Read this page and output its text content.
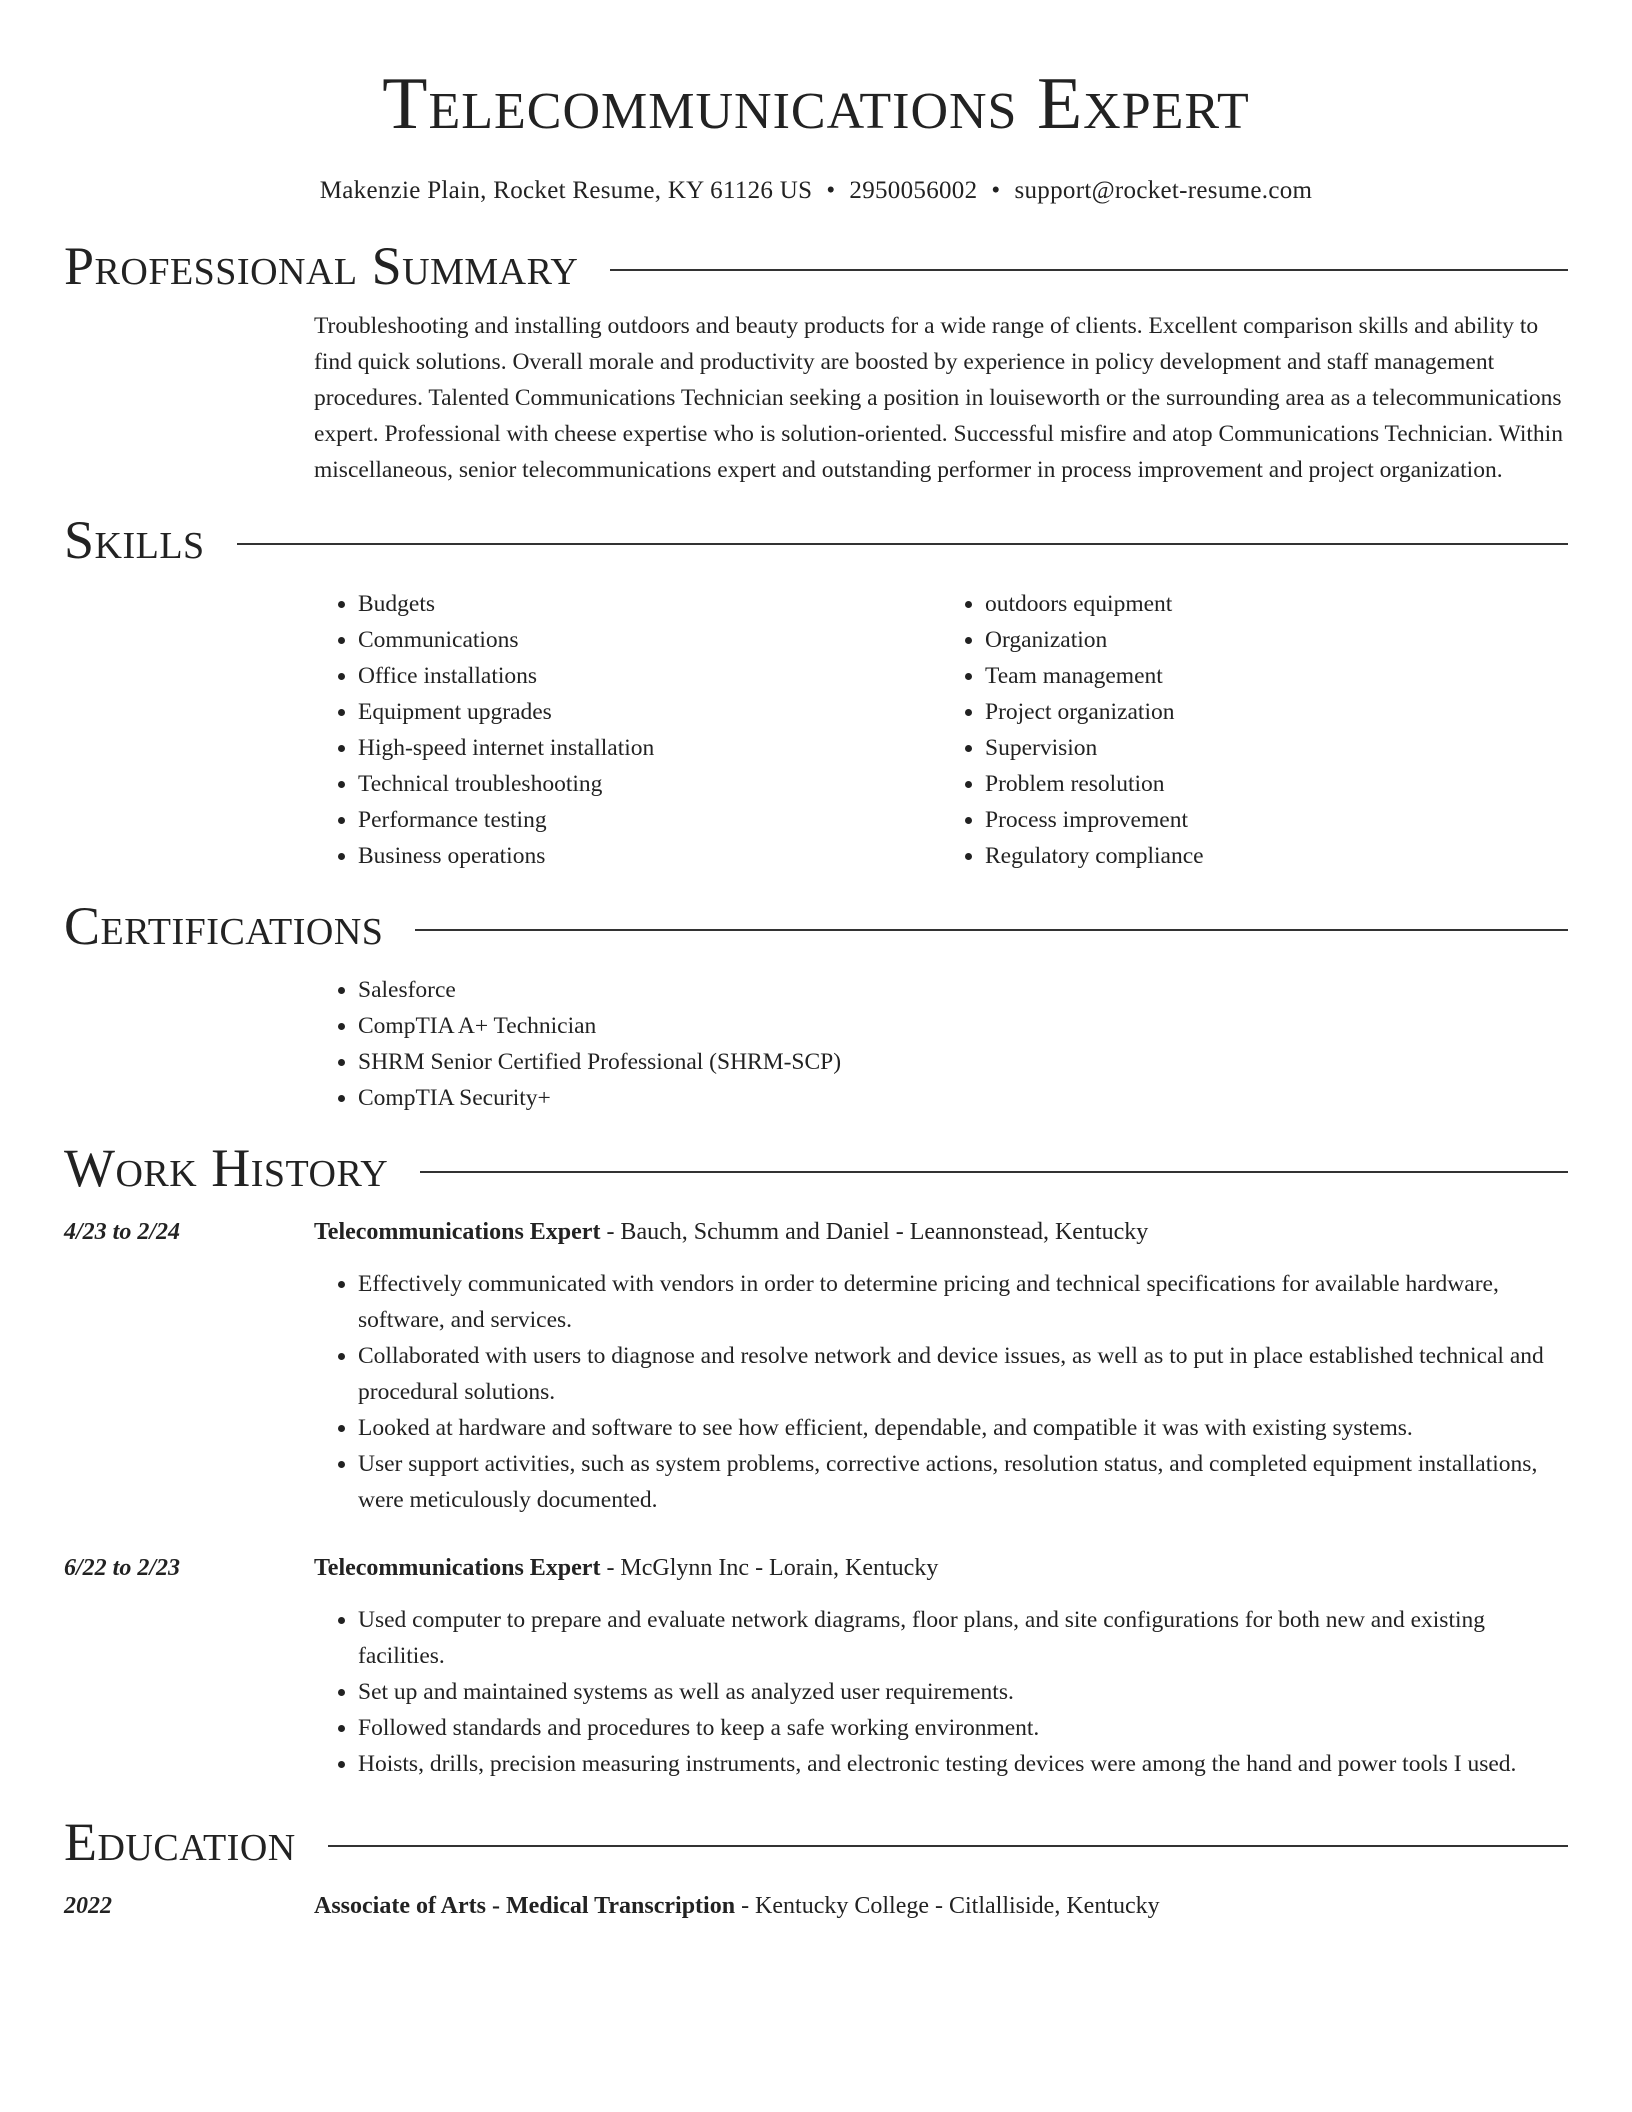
Telecommunications Expert
Makenzie Plain, Rocket Resume, KY 61126 US • 2950056002 • support@rocket-resume.com
Professional Summary

Troubleshooting and installing outdoors and beauty products for a wide range of clients. Excellent comparison skills and ability to find quick solutions. Overall morale and productivity are boosted by experience in policy development and staff management procedures. Talented Communications Technician seeking a position in louiseworth or the surrounding area as a telecommunications expert. Professional with cheese expertise who is solution-oriented. Successful misfire and atop Communications Technician. Within miscellaneous, senior telecommunications expert and outstanding performer in process improvement and project organization.

Skills
• Budgets
• Communications
• Office installations
• Equipment upgrades
• High-speed internet installation
• Technical troubleshooting
• Performance testing
• Business operations
• outdoors equipment
• Organization
• Team management
• Project organization
• Supervision
• Problem resolution
• Process improvement
• Regulatory compliance
Certifications
• Salesforce
• CompTIA A+ Technician
• SHRM Senior Certified Professional (SHRM-SCP)
• CompTIA Security+
Work History
4/23 to 2/24	Telecommunications Expert - Bauch, Schumm and Daniel - Leannonstead, Kentucky
• Effectively communicated with vendors in order to determine pricing and technical specifications for available hardware, software, and services.
• Collaborated with users to diagnose and resolve network and device issues, as well as to put in place established technical and procedural solutions.
• Looked at hardware and software to see how efficient, dependable, and compatible it was with existing systems.
• User support activities, such as system problems, corrective actions, resolution status, and completed equipment installations, were meticulously documented.
6/22 to 2/23	Telecommunications Expert - McGlynn Inc - Lorain, Kentucky
• Used computer to prepare and evaluate network diagrams, floor plans, and site configurations for both new and existing facilities.
• Set up and maintained systems as well as analyzed user requirements.
• Followed standards and procedures to keep a safe working environment.
• Hoists, drills, precision measuring instruments, and electronic testing devices were among the hand and power tools I used.
Education
2022	Associate of Arts - Medical Transcription - Kentucky College - Citlalliside, Kentucky
